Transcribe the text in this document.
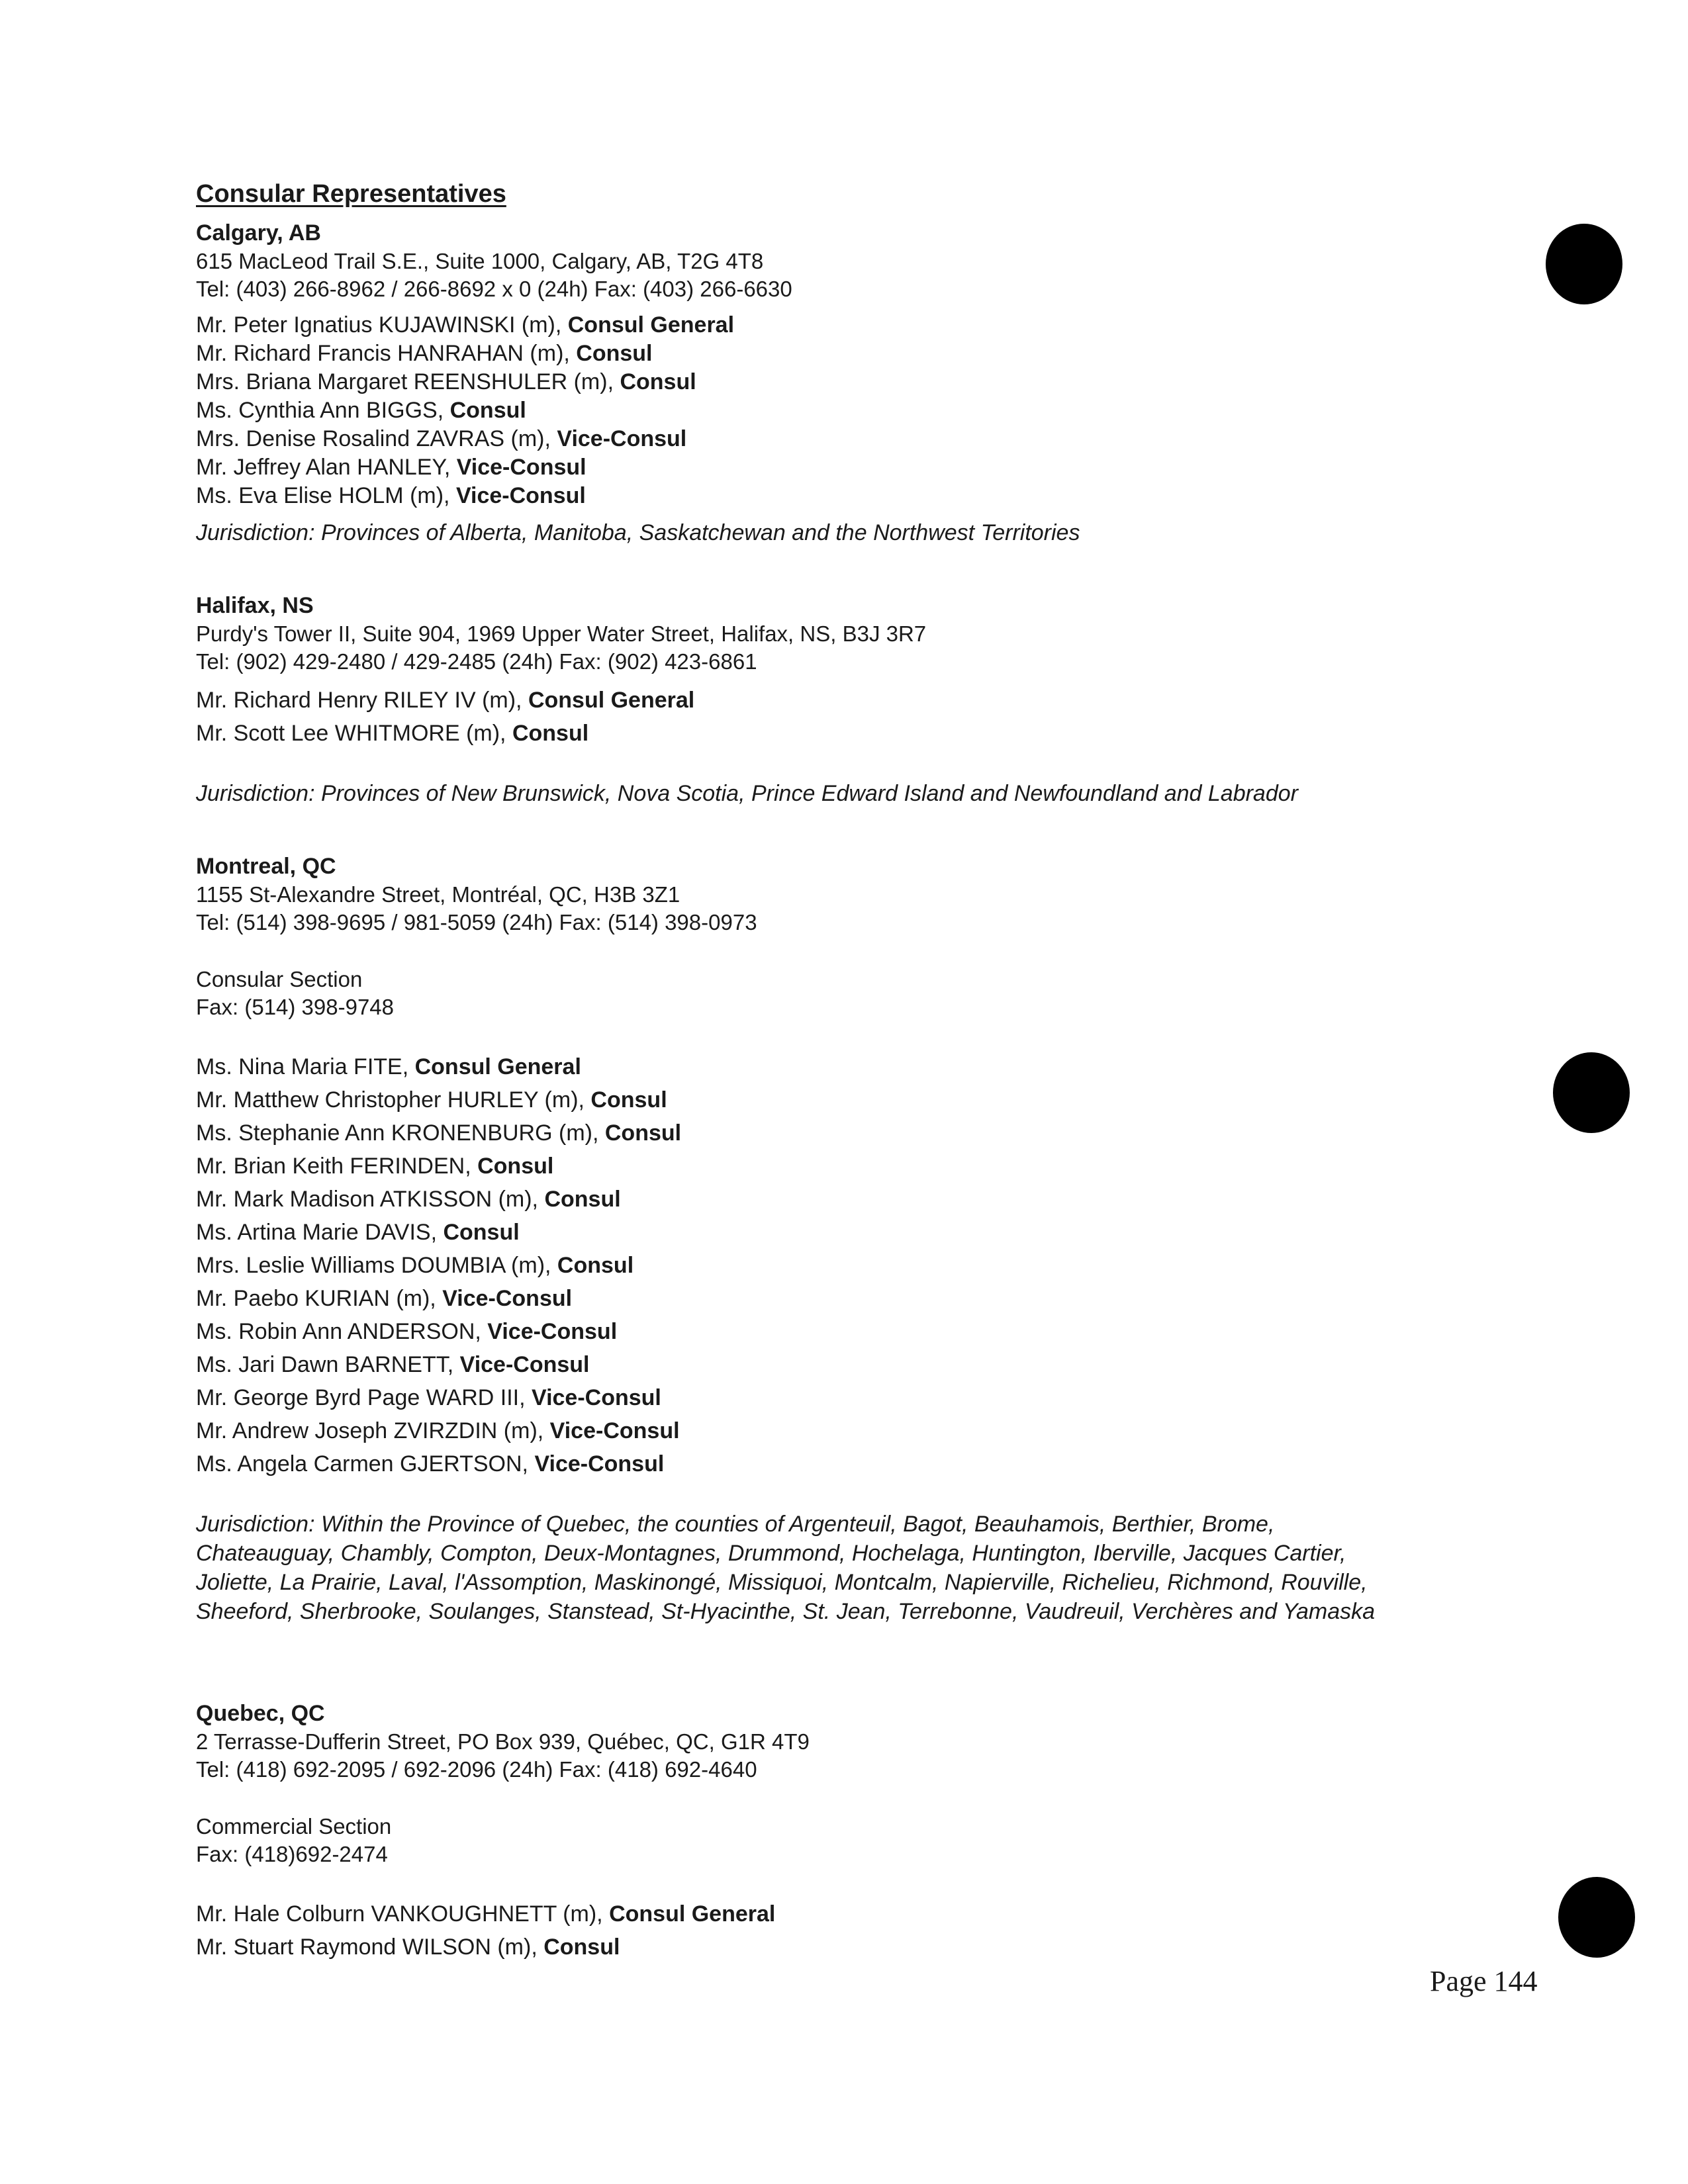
Consular Representatives

Calgary, AB

615 MacLeod Trail S.E., Suite 1000, Calgary, AB, T2G 4T8

Tel: (403) 266-8962 / 266-8692 x 0 (24h) Fax: (403) 266-6630

Mr. Peter Ignatius KUJAWINSKI (m), Consul General

Mr. Richard Francis HANRAHAN (m), Consul

Mrs. Briana Margaret REENSHULER (m), Consul

Ms. Cynthia Ann BIGGS, Consul

Mrs. Denise Rosalind ZAVRAS (m), Vice-Consul

Mr. Jeffrey Alan HANLEY, Vice-Consul

Ms. Eva Elise HOLM (m), Vice-Consul

Jurisdiction: Provinces of Alberta, Manitoba, Saskatchewan and the Northwest Territories

Halifax, NS

Purdy's Tower II, Suite 904, 1969 Upper Water Street, Halifax, NS, B3J 3R7

Tel: (902) 429-2480 / 429-2485 (24h) Fax: (902) 423-6861

Mr. Richard Henry RILEY IV (m), Consul General

Mr. Scott Lee WHITMORE (m), Consul

Jurisdiction: Provinces of New Brunswick, Nova Scotia, Prince Edward Island and Newfoundland and Labrador

Montreal, QC

1155 St-Alexandre Street, Montréal, QC, H3B 3Z1

Tel: (514) 398-9695 / 981-5059 (24h) Fax: (514) 398-0973

Consular Section

Fax: (514) 398-9748

Ms. Nina Maria FITE, Consul General

Mr. Matthew Christopher HURLEY (m), Consul

Ms. Stephanie Ann KRONENBURG (m), Consul

Mr. Brian Keith FERINDEN, Consul

Mr. Mark Madison ATKISSON (m), Consul

Ms. Artina Marie DAVIS, Consul

Mrs. Leslie Williams DOUMBIA (m), Consul

Mr. Paebo KURIAN (m), Vice-Consul

Ms. Robin Ann ANDERSON, Vice-Consul

Ms. Jari Dawn BARNETT, Vice-Consul

Mr. George Byrd Page WARD III, Vice-Consul

Mr. Andrew Joseph ZVIRZDIN (m), Vice-Consul

Ms. Angela Carmen GJERTSON, Vice-Consul

Jurisdiction: Within the Province of Quebec, the counties of Argenteuil, Bagot, Beauhamois, Berthier, Brome,

Chateauguay, Chambly, Compton, Deux-Montagnes, Drummond, Hochelaga, Huntington, Iberville, Jacques Cartier,

Joliette, La Prairie, Laval, l'Assomption, Maskinongé, Missiquoi, Montcalm, Napierville, Richelieu, Richmond, Rouville,

Sheeford, Sherbrooke, Soulanges, Stanstead, St-Hyacinthe, St. Jean, Terrebonne, Vaudreuil, Verchères and Yamaska

Quebec, QC

2 Terrasse-Dufferin Street, PO Box 939, Québec, QC, G1R 4T9

Tel: (418) 692-2095 / 692-2096 (24h) Fax: (418) 692-4640

Commercial Section

Fax: (418)692-2474

Mr. Hale Colburn VANKOUGHNETT (m), Consul General

Mr. Stuart Raymond WILSON (m), Consul

Page 144
